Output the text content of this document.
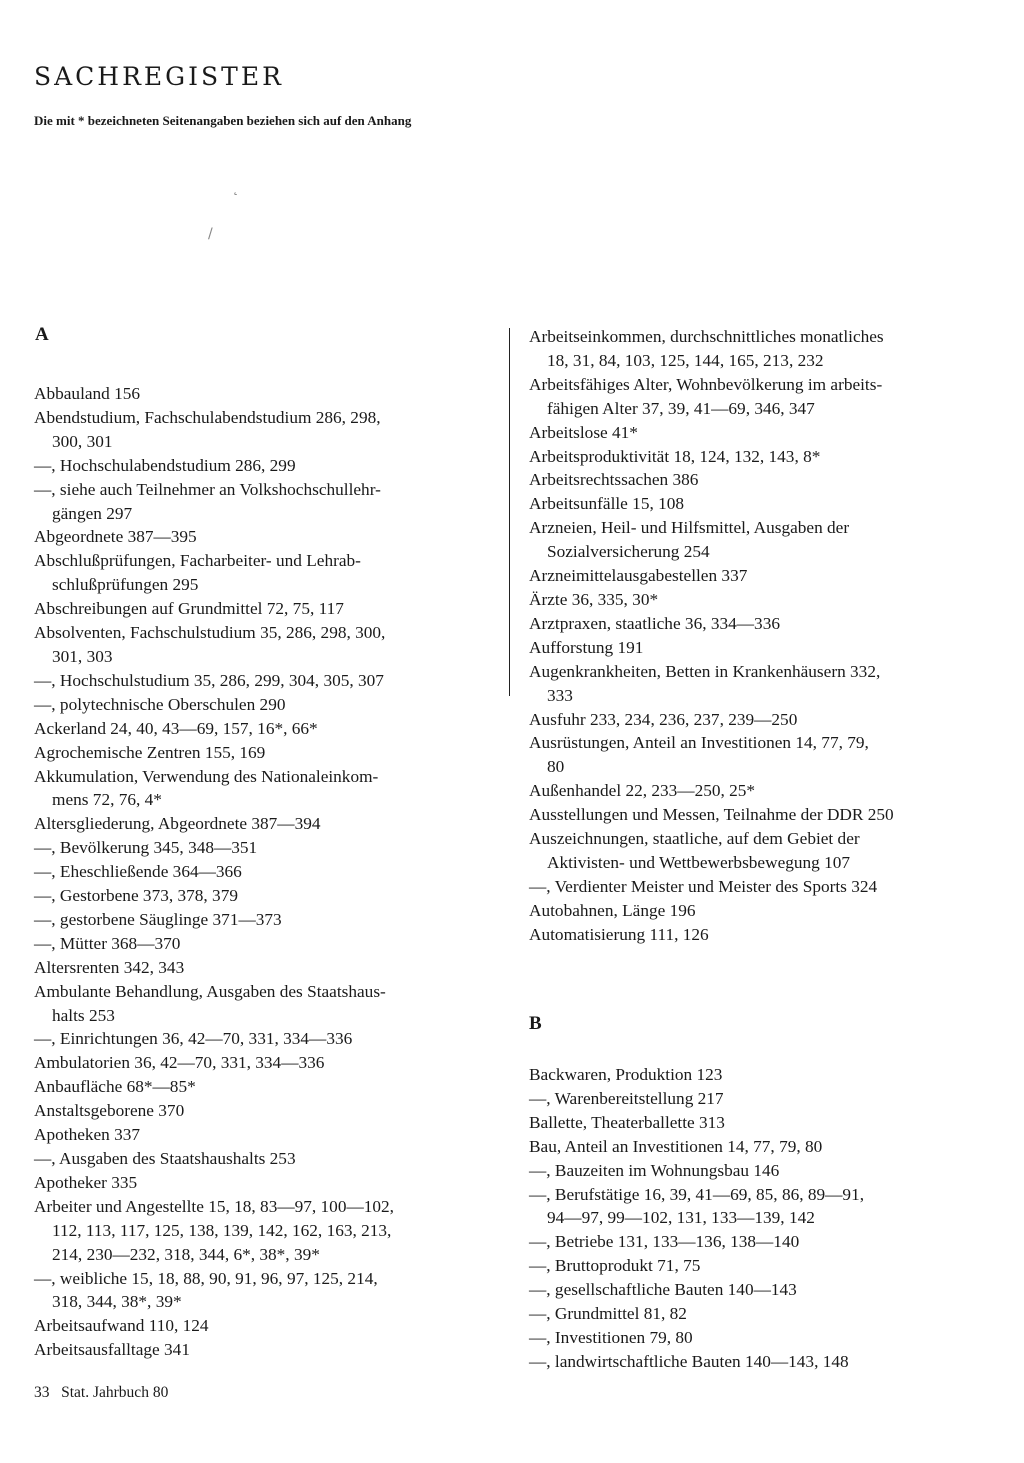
SACHREGISTER
Die mit * bezeichneten Seitenangaben beziehen sich auf den Anhang
˛
/
A
Abbauland 156
Abendstudium, Fachschulabendstudium 286, 298,
300, 301
—, Hochschulabendstudium 286, 299
—, siehe auch Teilnehmer an Volkshochschullehr-
gängen 297
Abgeordnete 387—395
Abschlußprüfungen, Facharbeiter- und Lehrab-
schlußprüfungen 295
Abschreibungen auf Grundmittel 72, 75, 117
Absolventen, Fachschulstudium 35, 286, 298, 300,
301, 303
—, Hochschulstudium 35, 286, 299, 304, 305, 307
—, polytechnische Oberschulen 290
Ackerland 24, 40, 43—69, 157, 16*, 66*
Agrochemische Zentren 155, 169
Akkumulation, Verwendung des Nationaleinkom-
mens 72, 76, 4*
Altersgliederung, Abgeordnete 387—394
—, Bevölkerung 345, 348—351
—, Eheschließende 364—366
—, Gestorbene 373, 378, 379
—, gestorbene Säuglinge 371—373
—, Mütter 368—370
Altersrenten 342, 343
Ambulante Behandlung, Ausgaben des Staatshaus-
halts 253
—, Einrichtungen 36, 42—70, 331, 334—336
Ambulatorien 36, 42—70, 331, 334—336
Anbaufläche 68*—85*
Anstaltsgeborene 370
Apotheken 337
—, Ausgaben des Staatshaushalts 253
Apotheker 335
Arbeiter und Angestellte 15, 18, 83—97, 100—102,
112, 113, 117, 125, 138, 139, 142, 162, 163, 213,
214, 230—232, 318, 344, 6*, 38*, 39*
—, weibliche 15, 18, 88, 90, 91, 96, 97, 125, 214,
318, 344, 38*, 39*
Arbeitsaufwand 110, 124
Arbeitsausfalltage 341
Arbeitseinkommen, durchschnittliches monatliches
18, 31, 84, 103, 125, 144, 165, 213, 232
Arbeitsfähiges Alter, Wohnbevölkerung im arbeits-
fähigen Alter 37, 39, 41—69, 346, 347
Arbeitslose 41*
Arbeitsproduktivität 18, 124, 132, 143, 8*
Arbeitsrechtssachen 386
Arbeitsunfälle 15, 108
Arzneien, Heil- und Hilfsmittel, Ausgaben der
Sozialversicherung 254
Arzneimittelausgabestellen 337
Ärzte 36, 335, 30*
Arztpraxen, staatliche 36, 334—336
Aufforstung 191
Augenkrankheiten, Betten in Krankenhäusern 332,
333
Ausfuhr 233, 234, 236, 237, 239—250
Ausrüstungen, Anteil an Investitionen 14, 77, 79,
80
Außenhandel 22, 233—250, 25*
Ausstellungen und Messen, Teilnahme der DDR 250
Auszeichnungen, staatliche, auf dem Gebiet der
Aktivisten- und Wettbewerbsbewegung 107
—, Verdienter Meister und Meister des Sports 324
Autobahnen, Länge 196
Automatisierung 111, 126
B
Backwaren, Produktion 123
—, Warenbereitstellung 217
Ballette, Theaterballette 313
Bau, Anteil an Investitionen 14, 77, 79, 80
—, Bauzeiten im Wohnungsbau 146
—, Berufstätige 16, 39, 41—69, 85, 86, 89—91,
94—97, 99—102, 131, 133—139, 142
—, Betriebe 131, 133—136, 138—140
—, Bruttoprodukt 71, 75
—, gesellschaftliche Bauten 140—143
—, Grundmittel 81, 82
—, Investitionen 79, 80
—, landwirtschaftliche Bauten 140—143, 148
33 Stat. Jahrbuch 80
